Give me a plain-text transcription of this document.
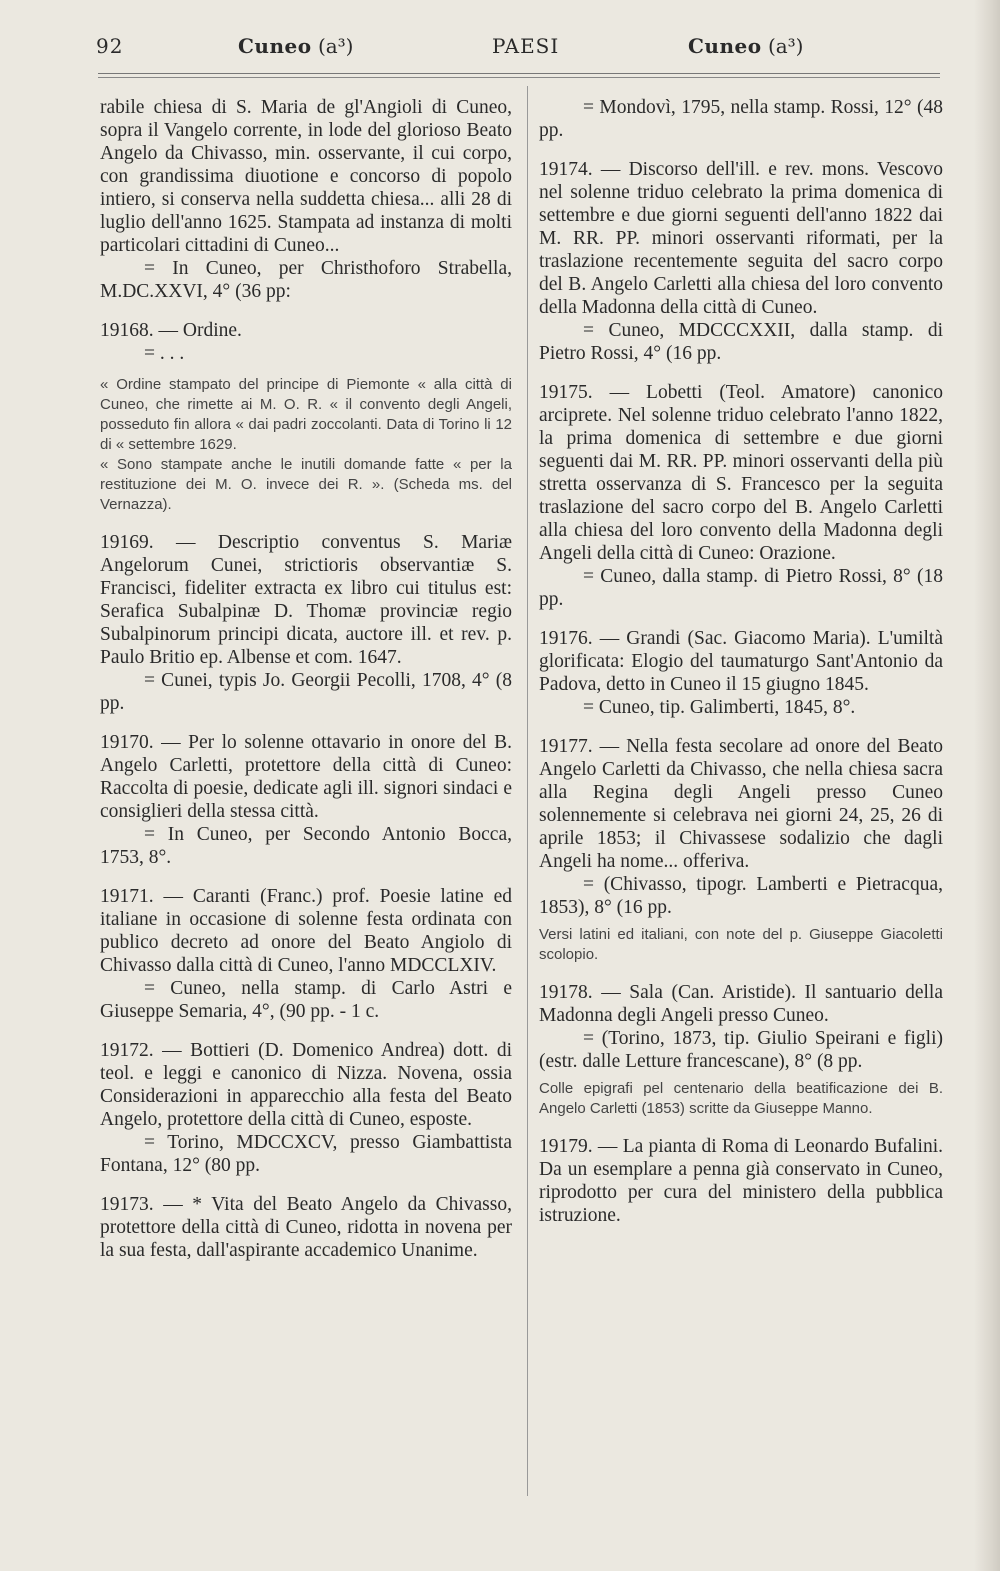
92	Cuneo (a³)	PAESI	Cuneo (a³)

rabile chiesa di S. Maria de gl'Angioli di Cuneo, sopra il Vangelo corrente, in lode del glorioso Beato Angelo da Chivasso, min. osservante, il cui corpo, con grandissima diuotione e concorso di popolo intiero, si conserva nella suddetta chiesa... alli 28 di luglio dell'anno 1625. Stampata ad instanza di molti particolari cittadini di Cuneo...

= In Cuneo, per Christhoforo Strabella, M.DC.XXVI, 4° (36 pp:

19168. — Ordine.

= . . .

« Ordine stampato del principe di Piemonte « alla città di Cuneo, che rimette ai M. O. R. « il convento degli Angeli, posseduto fin allora « dai padri zoccolanti. Data di Torino li 12 di « settembre 1629.

« Sono stampate anche le inutili domande fatte « per la restituzione dei M. O. invece dei R. ». (Scheda ms. del Vernazza).

19169. — Descriptio conventus S. Mariæ Angelorum Cunei, strictioris observantiæ S. Francisci, fideliter extracta ex libro cui titulus est: Serafica Subalpinæ D. Thomæ provinciæ regio Subalpinorum principi dicata, auctore ill. et rev. p. Paulo Britio ep. Albense et com. 1647.

= Cunei, typis Jo. Georgii Pecolli, 1708, 4° (8 pp.

19170. — Per lo solenne ottavario in onore del B. Angelo Carletti, protettore della città di Cuneo: Raccolta di poesie, dedicate agli ill. signori sindaci e consiglieri della stessa città.

= In Cuneo, per Secondo Antonio Bocca, 1753, 8°.

19171. — Caranti (Franc.) prof. Poesie latine ed italiane in occasione di solenne festa ordinata con publico decreto ad onore del Beato Angiolo di Chivasso dalla città di Cuneo, l'anno MDCCLXIV.

= Cuneo, nella stamp. di Carlo Astri e Giuseppe Semaria, 4°, (90 pp. - 1 c.

19172. — Bottieri (D. Domenico Andrea) dott. di teol. e leggi e canonico di Nizza. Novena, ossia Considerazioni in apparecchio alla festa del Beato Angelo, protettore della città di Cuneo, esposte.

= Torino, MDCCXCV, presso Giambattista Fontana, 12° (80 pp.

19173. — * Vita del Beato Angelo da Chivasso, protettore della città di Cuneo, ridotta in novena per la sua festa, dall'aspirante accademico Unanime.

= Mondovì, 1795, nella stamp. Rossi, 12° (48 pp.

19174. — Discorso dell'ill. e rev. mons. Vescovo nel solenne triduo celebrato la prima domenica di settembre e due giorni seguenti dell'anno 1822 dai M. RR. PP. minori osservanti riformati, per la traslazione recentemente seguita del sacro corpo del B. Angelo Carletti alla chiesa del loro convento della Madonna della città di Cuneo.

= Cuneo, MDCCCXXII, dalla stamp. di Pietro Rossi, 4° (16 pp.

19175. — Lobetti (Teol. Amatore) canonico arciprete. Nel solenne triduo celebrato l'anno 1822, la prima domenica di settembre e due giorni seguenti dai M. RR. PP. minori osservanti della più stretta osservanza di S. Francesco per la seguita traslazione del sacro corpo del B. Angelo Carletti alla chiesa del loro convento della Madonna degli Angeli della città di Cuneo: Orazione.

= Cuneo, dalla stamp. di Pietro Rossi, 8° (18 pp.

19176. — Grandi (Sac. Giacomo Maria). L'umiltà glorificata: Elogio del taumaturgo Sant'Antonio da Padova, detto in Cuneo il 15 giugno 1845.

= Cuneo, tip. Galimberti, 1845, 8°.

19177. — Nella festa secolare ad onore del Beato Angelo Carletti da Chivasso, che nella chiesa sacra alla Regina degli Angeli presso Cuneo solennemente si celebrava nei giorni 24, 25, 26 di aprile 1853; il Chivassese sodalizio che dagli Angeli ha nome... offeriva.

= (Chivasso, tipogr. Lamberti e Pietracqua, 1853), 8° (16 pp.

Versi latini ed italiani, con note del p. Giuseppe Giacoletti scolopio.

19178. — Sala (Can. Aristide). Il santuario della Madonna degli Angeli presso Cuneo.

= (Torino, 1873, tip. Giulio Speirani e figli) (estr. dalle Letture francescane), 8° (8 pp.

Colle epigrafi pel centenario della beatificazione dei B. Angelo Carletti (1853) scritte da Giuseppe Manno.

19179. — La pianta di Roma di Leonardo Bufalini. Da un esemplare a penna già conservato in Cuneo, riprodotto per cura del ministero della pubblica istruzione.
